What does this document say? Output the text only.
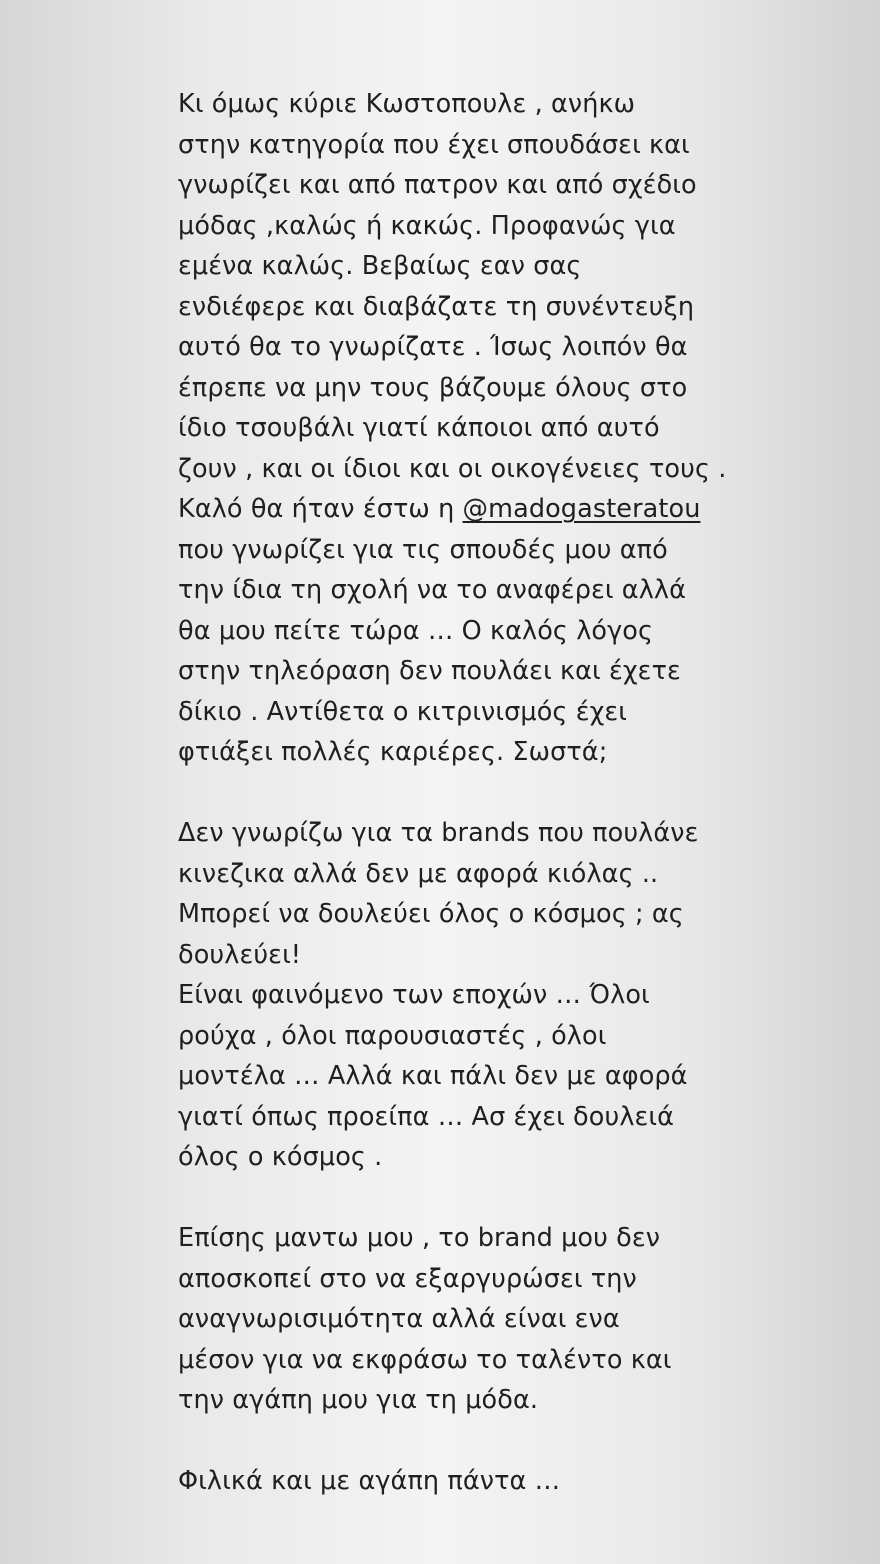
Κι όμως κύριε Κωστοπουλε , ανήκω
στην κατηγορία που έχει σπουδάσει και
γνωρίζει και από πατρον και από σχέδιο
μόδας ,καλώς ή κακώς. Προφανώς για
εμένα καλώς. Βεβαίως εαν σας
ενδιέφερε και διαβάζατε τη συνέντευξη
αυτό θα το γνωρίζατε . Ίσως λοιπόν θα
έπρεπε να μην τους βάζουμε όλους στο
ίδιο τσουβάλι γιατί κάποιοι από αυτό
ζουν , και οι ίδιοι και οι οικογένειες τους .
Καλό θα ήταν έστω η @madogasteratou
που γνωρίζει για τις σπουδές μου από
την ίδια τη σχολή να το αναφέρει αλλά
θα μου πείτε τώρα … Ο καλός λόγος
στην τηλεόραση δεν πουλάει και έχετε
δίκιο . Αντίθετα ο κιτρινισμός έχει
φτιάξει πολλές καριέρες. Σωστά;
Δεν γνωρίζω για τα brands που πουλάνε
κινεζικα αλλά δεν με αφορά κιόλας ..
Μπορεί να δουλεύει όλος ο κόσμος ; ας
δουλεύει!
Είναι φαινόμενο των εποχών … Όλοι
ρούχα , όλοι παρουσιαστές , όλοι
μοντέλα … Αλλά και πάλι δεν με αφορά
γιατί όπως προείπα … Ασ έχει δουλειά
όλος ο κόσμος .
Επίσης μαντω μου , το brand μου δεν
αποσκοπεί στο να εξαργυρώσει την
αναγνωρισιμότητα αλλά είναι ενα
μέσον για να εκφράσω το ταλέντο και
την αγάπη μου για τη μόδα.
Φιλικά και με αγάπη πάντα …
